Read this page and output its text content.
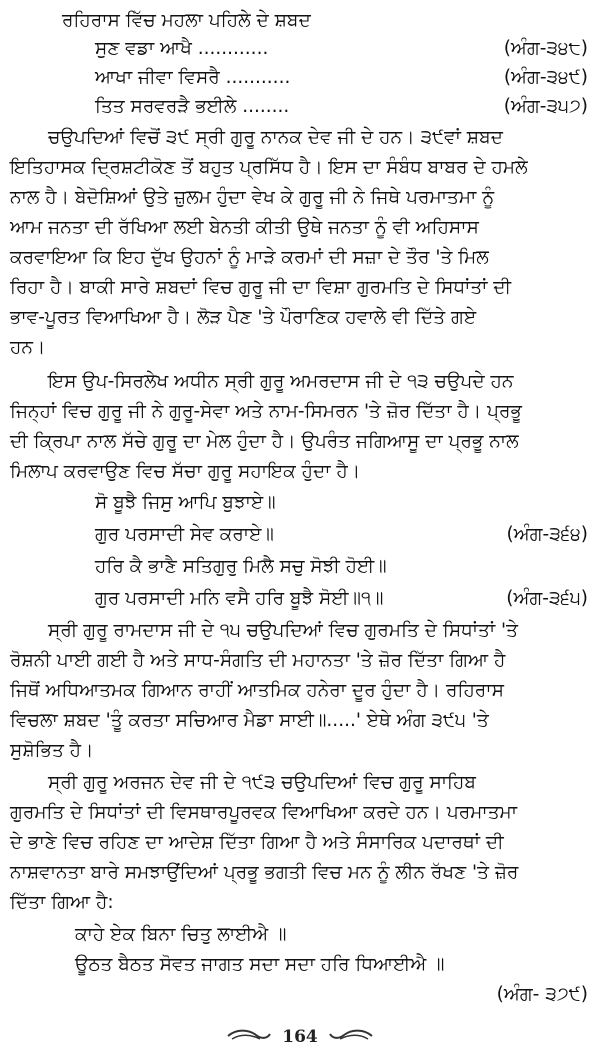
ਰਹਿਰਾਸ ਵਿੱਚ ਮਹਲਾ ਪਹਿਲੇ ਦੇ ਸ਼ਬਦ
ਸੁਣ ਵਡਾ ਆਖੈ ............	(ਅੰਗ-੩੪੮)
ਆਖਾ ਜੀਵਾ ਵਿਸਰੈ ...........	(ਅੰਗ-੩੪੯)
ਤਿਤ ਸਰਵਰੜੈ ਭਈਲੇ ........	(ਅੰਗ-੩੫੭)
ਚਉਪਦਿਆਂ ਵਿਚੋਂ ੩੯ ਸ੍ਰੀ ਗੁਰੂ ਨਾਨਕ ਦੇਵ ਜੀ ਦੇ ਹਨ। ੩੯ਵਾਂ ਸ਼ਬਦ
ਇਤਿਹਾਸਕ ਦ੍ਰਿਸ਼ਟੀਕੋਣ ਤੋਂ ਬਹੁਤ ਪ੍ਰਸਿੱਧ ਹੈ। ਇਸ ਦਾ ਸੰਬੰਧ ਬਾਬਰ ਦੇ ਹਮਲੇ
ਨਾਲ ਹੈ। ਬੇਦੋਸ਼ਿਆਂ ਉਤੇ ਜ਼ੁਲਮ ਹੁੰਦਾ ਵੇਖ ਕੇ ਗੁਰੂ ਜੀ ਨੇ ਜਿਥੇ ਪਰਮਾਤਮਾ ਨੂੰ
ਆਮ ਜਨਤਾ ਦੀ ਰੱਖਿਆ ਲਈ ਬੇਨਤੀ ਕੀਤੀ ਉਥੇ ਜਨਤਾ ਨੂੰ ਵੀ ਅਹਿਸਾਸ
ਕਰਵਾਇਆ ਕਿ ਇਹ ਦੁੱਖ ਉਹਨਾਂ ਨੂੰ ਮਾੜੇ ਕਰਮਾਂ ਦੀ ਸਜ਼ਾ ਦੇ ਤੌਰ 'ਤੇ ਮਿਲ
ਰਿਹਾ ਹੈ। ਬਾਕੀ ਸਾਰੇ ਸ਼ਬਦਾਂ ਵਿਚ ਗੁਰੂ ਜੀ ਦਾ ਵਿਸ਼ਾ ਗੁਰਮਤਿ ਦੇ ਸਿਧਾਂਤਾਂ ਦੀ
ਭਾਵ-ਪੂਰਤ ਵਿਆਖਿਆ ਹੈ। ਲੋੜ ਪੈਣ 'ਤੇ ਪੌਰਾਣਿਕ ਹਵਾਲੇ ਵੀ ਦਿੱਤੇ ਗਏ
ਹਨ।
ਇਸ ਉਪ-ਸਿਰਲੇਖ ਅਧੀਨ ਸ੍ਰੀ ਗੁਰੂ ਅਮਰਦਾਸ ਜੀ ਦੇ ੧੩ ਚਉਪਦੇ ਹਨ
ਜਿਨ੍ਹਾਂ ਵਿਚ ਗੁਰੂ ਜੀ ਨੇ ਗੁਰੂ-ਸੇਵਾ ਅਤੇ ਨਾਮ-ਸਿਮਰਨ 'ਤੇ ਜ਼ੋਰ ਦਿੱਤਾ ਹੈ। ਪ੍ਰਭੂ
ਦੀ ਕ੍ਰਿਪਾ ਨਾਲ ਸੱਚੇ ਗੁਰੂ ਦਾ ਮੇਲ ਹੁੰਦਾ ਹੈ। ਉਪਰੰਤ ਜਗਿਆਸੂ ਦਾ ਪ੍ਰਭੂ ਨਾਲ
ਮਿਲਾਪ ਕਰਵਾਉਣ ਵਿਚ ਸੱਚਾ ਗੁਰੂ ਸਹਾਇਕ ਹੁੰਦਾ ਹੈ।
ਸੋ ਬੂਝੈ ਜਿਸੁ ਆਪਿ ਬੁਝਾਏ॥
ਗੁਰ ਪਰਸਾਦੀ ਸੇਵ ਕਰਾਏ॥	(ਅੰਗ-੩੬੪)
ਹਰਿ ਕੈ ਭਾਣੈ ਸਤਿਗੁਰੁ ਮਿਲੈ ਸਚੁ ਸੋਝੀ ਹੋਈ॥
ਗੁਰ ਪਰਸਾਦੀ ਮਨਿ ਵਸੈ ਹਰਿ ਬੂਝੈ ਸੋਈ॥੧॥	(ਅੰਗ-੩੬੫)
ਸ੍ਰੀ ਗੁਰੂ ਰਾਮਦਾਸ ਜੀ ਦੇ ੧੫ ਚਉਪਦਿਆਂ ਵਿਚ ਗੁਰਮਤਿ ਦੇ ਸਿਧਾਂਤਾਂ 'ਤੇ
ਰੋਸ਼ਨੀ ਪਾਈ ਗਈ ਹੈ ਅਤੇ ਸਾਧ-ਸੰਗਤਿ ਦੀ ਮਹਾਨਤਾ 'ਤੇ ਜ਼ੋਰ ਦਿੱਤਾ ਗਿਆ ਹੈ
ਜਿਥੋਂ ਅਧਿਆਤਮਕ ਗਿਆਨ ਰਾਹੀਂ ਆਤਮਿਕ ਹਨੇਰਾ ਦੂਰ ਹੁੰਦਾ ਹੈ। ਰਹਿਰਾਸ
ਵਿਚਲਾ ਸ਼ਬਦ 'ਤੂੰ ਕਰਤਾ ਸਚਿਆਰ ਮੈਡਾ ਸਾਈ॥.....' ਏਥੇ ਅੰਗ ੩੯੫ 'ਤੇ
ਸੁਸ਼ੋਭਿਤ ਹੈ।
ਸ੍ਰੀ ਗੁਰੂ ਅਰਜਨ ਦੇਵ ਜੀ ਦੇ ੧੯੩ ਚਉਪਦਿਆਂ ਵਿਚ ਗੁਰੂ ਸਾਹਿਬ
ਗੁਰਮਤਿ ਦੇ ਸਿਧਾਂਤਾਂ ਦੀ ਵਿਸਥਾਰਪੂਰਵਕ ਵਿਆਖਿਆ ਕਰਦੇ ਹਨ। ਪਰਮਾਤਮਾ
ਦੇ ਭਾਣੇ ਵਿਚ ਰਹਿਣ ਦਾ ਆਦੇਸ਼ ਦਿੱਤਾ ਗਿਆ ਹੈ ਅਤੇ ਸੰਸਾਰਿਕ ਪਦਾਰਥਾਂ ਦੀ
ਨਾਸ਼ਵਾਨਤਾ ਬਾਰੇ ਸਮਝਾਉਂਦਿਆਂ ਪ੍ਰਭੂ ਭਗਤੀ ਵਿਚ ਮਨ ਨੂੰ ਲੀਨ ਰੱਖਣ 'ਤੇ ਜ਼ੋਰ
ਦਿੱਤਾ ਗਿਆ ਹੈ:
ਕਾਹੇ ਏਕ ਬਿਨਾ ਚਿਤੁ ਲਾਈਐ ॥
ਊਠਤ ਬੈਠਤ ਸੋਵਤ ਜਾਗਤ ਸਦਾ ਸਦਾ ਹਰਿ ਧਿਆਈਐ ॥
(ਅੰਗ- ੩੭੯)
164
